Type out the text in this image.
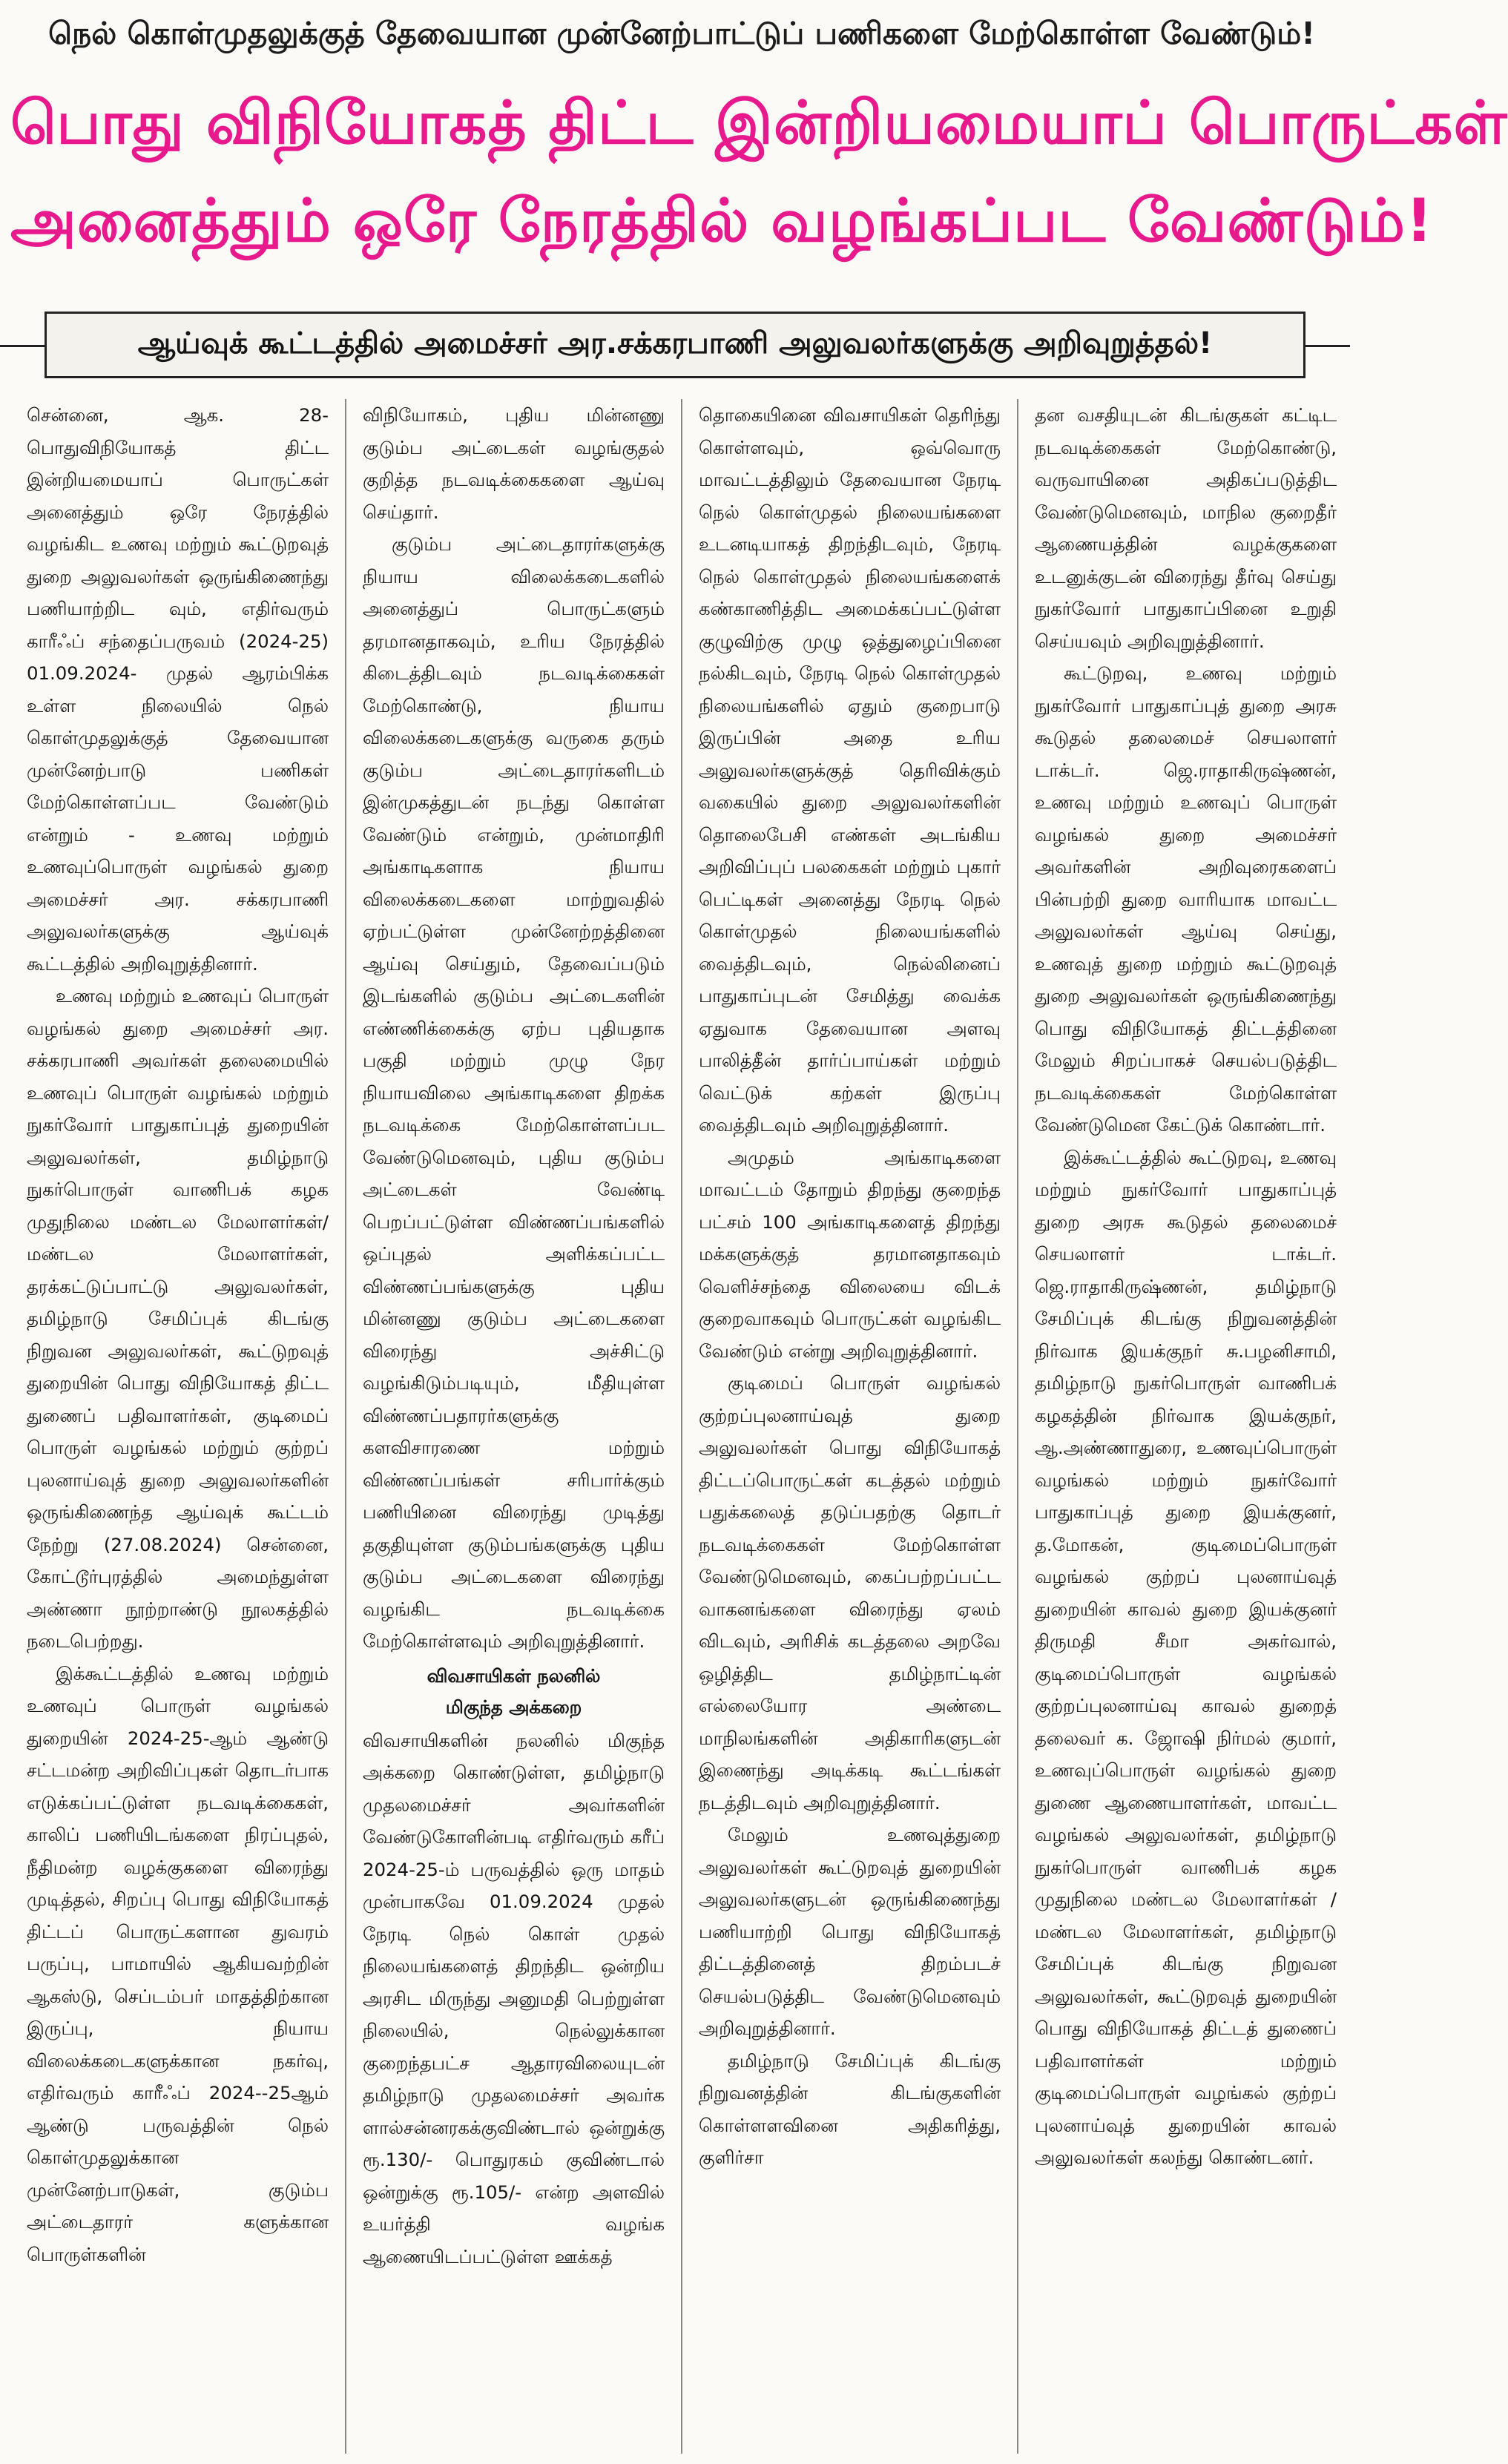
நெல் கொள்முதலுக்குத் தேவையான முன்னேற்பாட்டுப் பணிகளை மேற்கொள்ள வேண்டும்!
பொது விநியோகத் திட்ட இன்றியமையாப் பொருட்கள்
அனைத்தும் ஒரே நேரத்தில் வழங்கப்பட வேண்டும்!
ஆய்வுக் கூட்டத்தில் அமைச்சர் அர.சக்கரபாணி அலுவலர்களுக்கு அறிவுறுத்தல்!

சென்னை, ஆக. 28- பொதுவிநியோகத் திட்ட இன்றியமையாப் பொருட்கள் அனைத்தும் ஒரே நேரத்தில் வழங்கிட உணவு மற்றும் கூட்டுறவுத் துறை அலுவலர்கள் ஒருங்கிணைந்து பணியாற்றிட வும், எதிர்வரும் காரீஃப் சந்தைப்பருவம் (2024-25) 01.09.2024- முதல் ஆரம்பிக்க உள்ள நிலையில் நெல் கொள்முதலுக்குத் தேவையான முன்னேற்பாடு பணிகள் மேற்கொள்ளப்பட வேண்டும் என்றும் - உணவு மற்றும் உணவுப்பொருள் வழங்கல் துறை அமைச்சர் அர. சக்கரபாணி அலுவலர்களுக்கு ஆய்வுக் கூட்டத்தில் அறிவுறுத்தினார்.

உணவு மற்றும் உணவுப் பொருள் வழங்கல் துறை அமைச்சர் அர. சக்கரபாணி அவர்கள் தலைமையில் உணவுப் பொருள் வழங்கல் மற்றும் நுகர்வோர் பாதுகாப்புத் துறையின் அலுவலர்கள், தமிழ்நாடு நுகர்பொருள் வாணிபக் கழக முதுநிலை மண்டல மேலாளர்கள்/ மண்டல மேலாளர்கள், தரக்கட்டுப்பாட்டு அலுவலர்கள், தமிழ்நாடு சேமிப்புக் கிடங்கு நிறுவன அலுவலர்கள், கூட்டுறவுத் துறையின் பொது விநியோகத் திட்ட துணைப் பதிவாளர்கள், குடிமைப் பொருள் வழங்கல் மற்றும் குற்றப் புலனாய்வுத் துறை அலுவலர்களின் ஒருங்கிணைந்த ஆய்வுக் கூட்டம் நேற்று (27.08.2024) சென்னை, கோட்டூர்புரத்தில் அமைந்துள்ள அண்ணா நூற்றாண்டு நூலகத்தில் நடைபெற்றது.

இக்கூட்டத்தில் உணவு மற்றும் உணவுப் பொருள் வழங்கல் துறையின் 2024-25-ஆம் ஆண்டு சட்டமன்ற அறிவிப்புகள் தொடர்பாக எடுக்கப்பட்டுள்ள நடவடிக்கைகள், காலிப் பணியிடங்களை நிரப்புதல், நீதிமன்ற வழக்குகளை விரைந்து முடித்தல், சிறப்பு பொது விநியோகத் திட்டப் பொருட்களான துவரம் பருப்பு, பாமாயில் ஆகியவற்றின் ஆகஸ்டு, செப்டம்பர் மாதத்திற்கான இருப்பு, நியாய விலைக்கடைகளுக்கான நகர்வு, எதிர்வரும் காரீஃப் 2024--25ஆம் ஆண்டு பருவத்தின் நெல் கொள்முதலுக்கான முன்னேற்பாடுகள், குடும்ப அட்டைதாரர் களுக்கான பொருள்களின்

விநியோகம், புதிய மின்னணு குடும்ப அட்டைகள் வழங்குதல் குறித்த நடவடிக்கைகளை ஆய்வு செய்தார்.

குடும்ப அட்டைதாரர்களுக்கு நியாய விலைக்கடைகளில் அனைத்துப் பொருட்களும் தரமானதாகவும், உரிய நேரத்தில் கிடைத்திடவும் நடவடிக்கைகள் மேற்கொண்டு, நியாய விலைக்கடைகளுக்கு வருகை தரும் குடும்ப அட்டைதாரர்களிடம் இன்முகத்துடன் நடந்து கொள்ள வேண்டும் என்றும், முன்மாதிரி அங்காடிகளாக நியாய விலைக்கடைகளை மாற்றுவதில் ஏற்பட்டுள்ள முன்னேற்றத்தினை ஆய்வு செய்தும், தேவைப்படும் இடங்களில் குடும்ப அட்டைகளின் எண்ணிக்கைக்கு ஏற்ப புதியதாக பகுதி மற்றும் முழு நேர நியாயவிலை அங்காடிகளை திறக்க நடவடிக்கை மேற்கொள்ளப்பட வேண்டுமெனவும், புதிய குடும்ப அட்டைகள் வேண்டி பெறப்பட்டுள்ள விண்ணப்பங்களில் ஒப்புதல் அளிக்கப்பட்ட விண்ணப்பங்களுக்கு புதிய மின்னணு குடும்ப அட்டைகளை விரைந்து அச்சிட்டு வழங்கிடும்படியும், மீதியுள்ள விண்ணப்பதாரர்களுக்கு களவிசாரணை மற்றும் விண்ணப்பங்கள் சரிபார்க்கும் பணியினை விரைந்து முடித்து தகுதியுள்ள குடும்பங்களுக்கு புதிய குடும்ப அட்டைகளை விரைந்து வழங்கிட நடவடிக்கை மேற்கொள்ளவும் அறிவுறுத்தினார்.

விவசாயிகள் நலனில்
மிகுந்த அக்கறை

விவசாயிகளின் நலனில் மிகுந்த அக்கறை கொண்டுள்ள, தமிழ்நாடு முதலமைச்சர் அவர்களின் வேண்டுகோளின்படி எதிர்வரும் கரீப் 2024-25-ம் பருவத்தில் ஒரு மாதம் முன்பாகவே 01.09.2024 முதல் நேரடி நெல் கொள் முதல் நிலையங்களைத் திறந்திட ஒன்றிய அரசிட மிருந்து அனுமதி பெற்றுள்ள நிலையில், நெல்லுக்கான குறைந்தபட்ச ஆதாரவிலையுடன் தமிழ்நாடு முதலமைச்சர் அவர்க ளால்சன்னரகக்குவிண்டால் ஒன்றுக்கு ரூ.130/- பொதுரகம் குவிண்டால் ஒன்றுக்கு ரூ.105/- என்ற அளவில் உயர்த்தி வழங்க ஆணையிடப்பட்டுள்ள ஊக்கத்

தொகையினை விவசாயிகள் தெரிந்து கொள்ளவும், ஒவ்வொரு மாவட்டத்திலும் தேவையான நேரடி நெல் கொள்முதல் நிலையங்களை உடனடியாகத் திறந்திடவும், நேரடி நெல் கொள்முதல் நிலையங்களைக் கண்காணித்திட அமைக்கப்பட்டுள்ள குழுவிற்கு முழு ஒத்துழைப்பினை நல்கிடவும், நேரடி நெல் கொள்முதல் நிலையங்களில் ஏதும் குறைபாடு இருப்பின் அதை உரிய அலுவலர்களுக்குத் தெரிவிக்கும் வகையில் துறை அலுவலர்களின் தொலைபேசி எண்கள் அடங்கிய அறிவிப்புப் பலகைகள் மற்றும் புகார் பெட்டிகள் அனைத்து நேரடி நெல் கொள்முதல் நிலையங்களில் வைத்திடவும், நெல்லினைப் பாதுகாப்புடன் சேமித்து வைக்க ஏதுவாக தேவையான அளவு பாலித்தீன் தார்ப்பாய்கள் மற்றும் வெட்டுக் கற்கள் இருப்பு வைத்திடவும் அறிவுறுத்தினார்.

அமுதம் அங்காடிகளை மாவட்டம் தோறும் திறந்து குறைந்த பட்சம் 100 அங்காடிகளைத் திறந்து மக்களுக்குத் தரமானதாகவும் வெளிச்சந்தை விலையை விடக் குறைவாகவும் பொருட்கள் வழங்கிட வேண்டும் என்று அறிவுறுத்தினார்.

குடிமைப் பொருள் வழங்கல் குற்றப்புலனாய்வுத் துறை அலுவலர்கள் பொது விநியோகத் திட்டப்பொருட்கள் கடத்தல் மற்றும் பதுக்கலைத் தடுப்பதற்கு தொடர் நடவடிக்கைகள் மேற்கொள்ள வேண்டுமெனவும், கைப்பற்றப்பட்ட வாகனங்களை விரைந்து ஏலம் விடவும், அரிசிக் கடத்தலை அறவே ஒழித்திட தமிழ்நாட்டின் எல்லையோர அண்டை மாநிலங்களின் அதிகாரிகளுடன் இணைந்து அடிக்கடி கூட்டங்கள் நடத்திடவும் அறிவுறுத்தினார்.

மேலும் உணவுத்துறை அலுவலர்கள் கூட்டுறவுத் துறையின் அலுவலர்களுடன் ஒருங்கிணைந்து பணியாற்றி பொது விநியோகத் திட்டத்தினைத் திறம்படச் செயல்படுத்திட வேண்டுமெனவும் அறிவுறுத்தினார்.

தமிழ்நாடு சேமிப்புக் கிடங்கு நிறுவனத்தின் கிடங்குகளின் கொள்ளளவினை அதிகரித்து, குளிர்சா

தன வசதியுடன் கிடங்குகள் கட்டிட நடவடிக்கைகள் மேற்கொண்டு, வருவாயினை அதிகப்படுத்திட வேண்டுமெனவும், மாநில குறைதீர் ஆணையத்தின் வழக்குகளை உடனுக்குடன் விரைந்து தீர்வு செய்து நுகர்வோர் பாதுகாப்பினை உறுதி செய்யவும் அறிவுறுத்தினார்.

கூட்டுறவு, உணவு மற்றும் நுகர்வோர் பாதுகாப்புத் துறை அரசு கூடுதல் தலைமைச் செயலாளர் டாக்டர். ஜெ.ராதாகிருஷ்ணன், உணவு மற்றும் உணவுப் பொருள் வழங்கல் துறை அமைச்சர் அவர்களின் அறிவுரைகளைப் பின்பற்றி துறை வாரியாக மாவட்ட அலுவலர்கள் ஆய்வு செய்து, உணவுத் துறை மற்றும் கூட்டுறவுத் துறை அலுவலர்கள் ஒருங்கிணைந்து பொது விநியோகத் திட்டத்தினை மேலும் சிறப்பாகச் செயல்படுத்திட நடவடிக்கைகள் மேற்கொள்ள வேண்டுமென கேட்டுக் கொண்டார்.

இக்கூட்டத்தில் கூட்டுறவு, உணவு மற்றும் நுகர்வோர் பாதுகாப்புத் துறை அரசு கூடுதல் தலைமைச் செயலாளர் டாக்டர். ஜெ.ராதாகிருஷ்ணன், தமிழ்நாடு சேமிப்புக் கிடங்கு நிறுவனத்தின் நிர்வாக இயக்குநர் சு.பழனிசாமி, தமிழ்நாடு நுகர்பொருள் வாணிபக் கழகத்தின் நிர்வாக இயக்குநர், ஆ.அண்ணாதுரை, உணவுப்பொருள் வழங்கல் மற்றும் நுகர்வோர் பாதுகாப்புத் துறை இயக்குனர், த.மோகன், குடிமைப்பொருள் வழங்கல் குற்றப் புலனாய்வுத் துறையின் காவல் துறை இயக்குனர் திருமதி சீமா அகர்வால், குடிமைப்பொருள் வழங்கல் குற்றப்புலனாய்வு காவல் துறைத் தலைவர் க. ஜோஷி நிர்மல் குமார், உணவுப்பொருள் வழங்கல் துறை துணை ஆணையாளர்கள், மாவட்ட வழங்கல் அலுவலர்கள், தமிழ்நாடு நுகர்பொருள் வாணிபக் கழக முதுநிலை மண்டல மேலாளர்கள் / மண்டல மேலாளர்கள், தமிழ்நாடு சேமிப்புக் கிடங்கு நிறுவன அலுவலர்கள், கூட்டுறவுத் துறையின் பொது விநியோகத் திட்டத் துணைப் பதிவாளர்கள் மற்றும் குடிமைப்பொருள் வழங்கல் குற்றப் புலனாய்வுத் துறையின் காவல் அலுவலர்கள் கலந்து கொண்டனர்.
